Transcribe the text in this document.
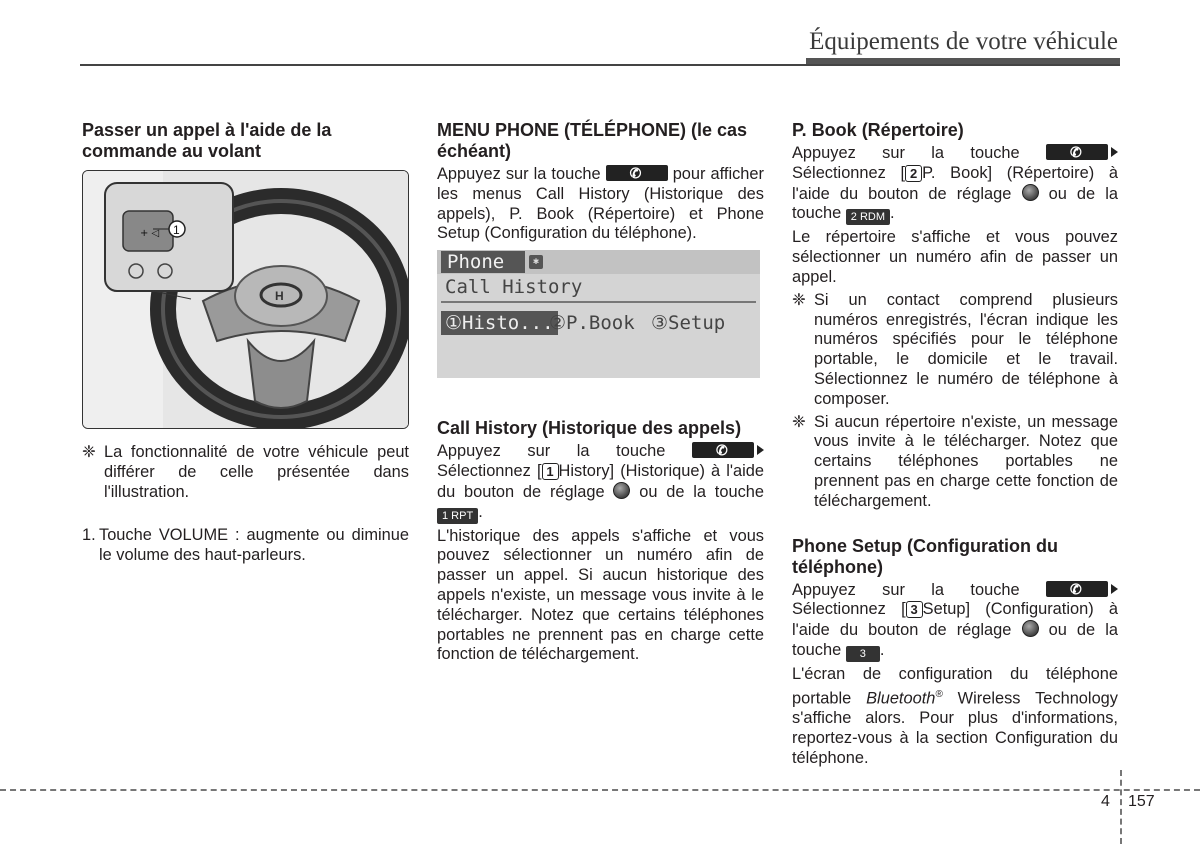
Équipements de votre véhicule
Passer un appel à l'aide de la commande au volant
H
+ ◁ 1
❈ La fonctionnalité de votre véhicule peut différer de celle présentée dans l'illustration.
1. Touche VOLUME : augmente ou diminue le volume des haut-parleurs.
MENU PHONE (TÉLÉPHONE) (le cas échéant)

Appuyez sur la touche ✆ pour afficher les menus Call History (Historique des appels), P. Book (Répertoire) et Phone Setup (Configuration du téléphone).

Phone	✱
Call History
①Histo...
②P.Book ③Setup
Call History (Historique des appels)

Appuyez sur la touche	✆
Sélectionnez [ 1 History] (Historique) à l'aide du bouton de réglage ou de la touche 1 RPT .

L'historique des appels s'affiche et vous pouvez sélectionner un numéro afin de passer un appel. Si aucun historique des appels n'existe, un message vous invite à le télécharger. Notez que certains téléphones portables ne prennent pas en charge cette fonction de téléchargement.

P. Book (Répertoire)

Appuyez sur la touche	✆
Sélectionnez [ 2 P. Book] (Répertoire) à l'aide du bouton de réglage ou de la touche 2 RDM .

Le répertoire s'affiche et vous pouvez sélectionner un numéro afin de passer un appel.

❈ Si un contact comprend plusieurs numéros enregistrés, l'écran indique les numéros spécifiés pour le téléphone portable, le domicile et le travail. Sélectionnez le numéro de téléphone à composer.
❈ Si aucun répertoire n'existe, un message vous invite à le télécharger. Notez que certains téléphones portables ne prennent pas en charge cette fonction de téléchargement.
Phone Setup (Configuration du téléphone)

Appuyez sur la touche	✆
Sélectionnez [ 3 Setup] (Configuration) à l'aide du bouton de réglage ou de la touche 3 .

L'écran de configuration du téléphone portable Bluetooth® Wireless Technology s'affiche alors. Pour plus d'informations, reportez-vous à la section Configuration du téléphone.

4 157
